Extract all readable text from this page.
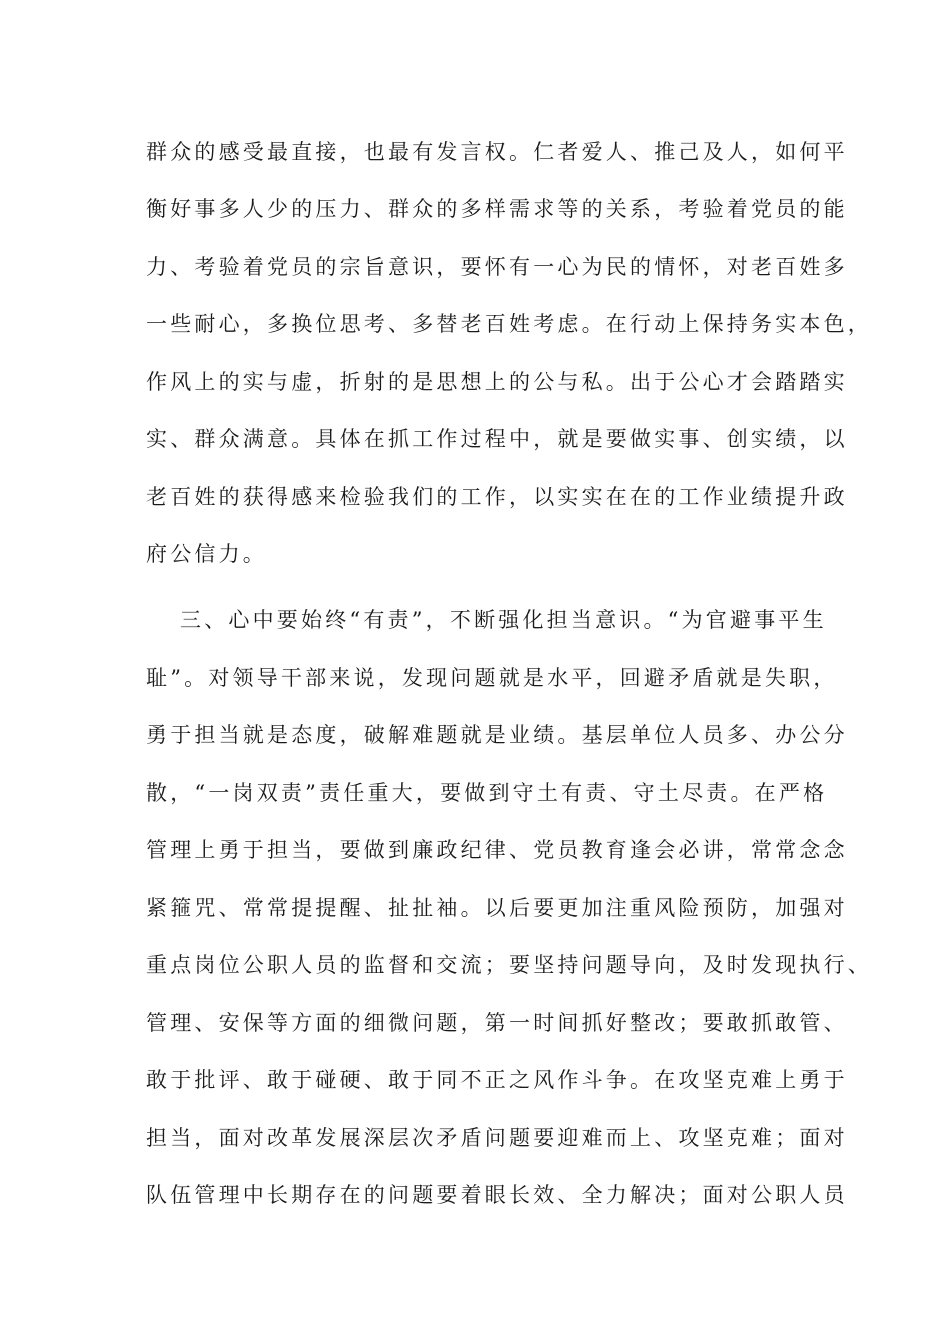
群众的感受最直接，也最有发言权。仁者爱人、推己及人，如何平
衡好事多人少的压力、群众的多样需求等的关系，考验着党员的能
力、考验着党员的宗旨意识，要怀有一心为民的情怀，对老百姓多
一些耐心，多换位思考、多替老百姓考虑。在行动上保持务实本色，
作风上的实与虚，折射的是思想上的公与私。出于公心才会踏踏实
实、群众满意。具体在抓工作过程中，就是要做实事、创实绩，以
老百姓的获得感来检验我们的工作，以实实在在的工作业绩提升政
府公信力。
三、心中要始终“有责”，不断强化担当意识。“为官避事平生
耻”。对领导干部来说，发现问题就是水平，回避矛盾就是失职，
勇于担当就是态度，破解难题就是业绩。基层单位人员多、办公分
散，“一岗双责”责任重大，要做到守土有责、守土尽责。在严格
管理上勇于担当，要做到廉政纪律、党员教育逢会必讲，常常念念
紧箍咒、常常提提醒、扯扯袖。以后要更加注重风险预防，加强对
重点岗位公职人员的监督和交流；要坚持问题导向，及时发现执行、
管理、安保等方面的细微问题，第一时间抓好整改；要敢抓敢管、
敢于批评、敢于碰硬、敢于同不正之风作斗争。在攻坚克难上勇于
担当，面对改革发展深层次矛盾问题要迎难而上、攻坚克难；面对
队伍管理中长期存在的问题要着眼长效、全力解决；面对公职人员
